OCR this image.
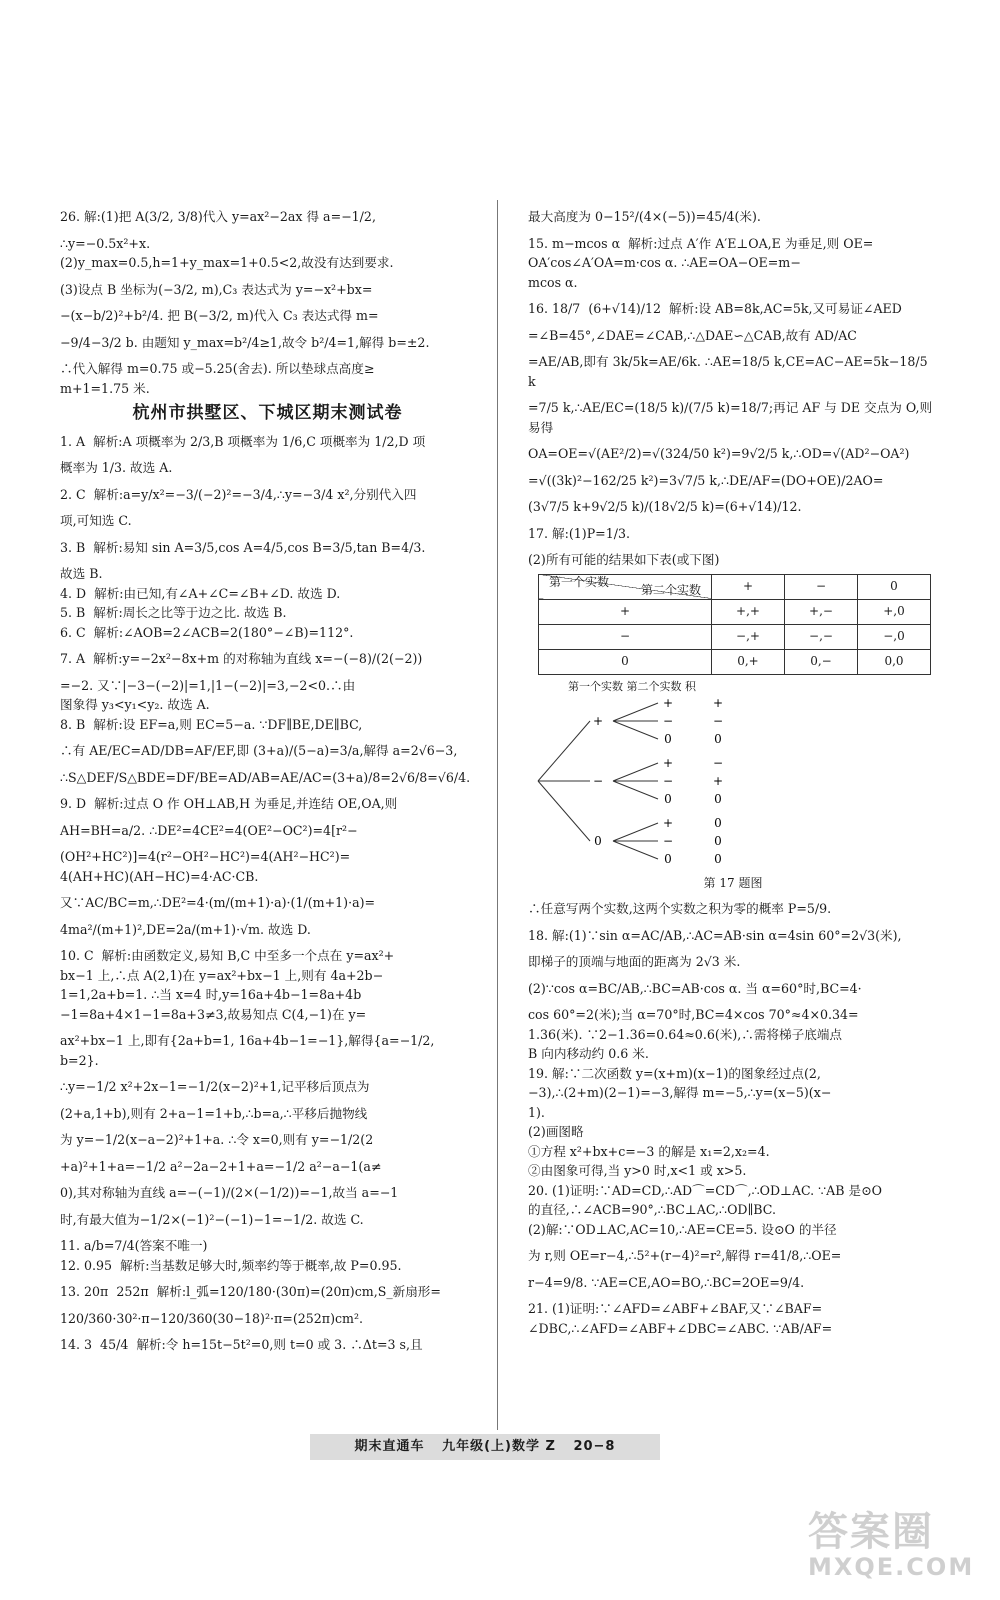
26. 解:(1)把 A(3/2, 3/8)代入 y=ax²−2ax 得 a=−1/2,

∴y=−0.5x²+x.

(2)y_max=0.5,h=1+y_max=1+0.5<2,故没有达到要求.

(3)设点 B 坐标为(−3/2, m),C₃ 表达式为 y=−x²+bx=

−(x−b/2)²+b²/4. 把 B(−3/2, m)代入 C₃ 表达式得 m=

−9/4−3/2 b. 由题知 y_max=b²/4≥1,故令 b²/4=1,解得 b=±2.

∴代入解得 m=0.75 或−5.25(舍去). 所以垫球点高度≥

m+1=1.75 米.

杭州市拱墅区、下城区期末测试卷

1. A  解析:A 项概率为 2/3,B 项概率为 1/6,C 项概率为 1/2,D 项

概率为 1/3. 故选 A.

2. C  解析:a=y/x²=−3/(−2)²=−3/4,∴y=−3/4 x²,分别代入四

项,可知选 C.

3. B  解析:易知 sin A=3/5,cos A=4/5,cos B=3/5,tan B=4/3.

故选 B.

4. D  解析:由已知,有∠A+∠C=∠B+∠D. 故选 D.

5. B  解析:周长之比等于边之比. 故选 B.

6. C  解析:∠AOB=2∠ACB=2(180°−∠B)=112°.

7. A  解析:y=−2x²−8x+m 的对称轴为直线 x=−(−8)/(2(−2))

=−2. 又∵|−3−(−2)|=1,|1−(−2)|=3,−2<0.∴由

图象得 y₃<y₁<y₂. 故选 A.

8. B  解析:设 EF=a,则 EC=5−a. ∵DF∥BE,DE∥BC,

∴有 AE/EC=AD/DB=AF/EF,即 (3+a)/(5−a)=3/a,解得 a=2√6−3,

∴S△DEF/S△BDE=DF/BE=AD/AB=AE/AC=(3+a)/8=2√6/8=√6/4.

9. D  解析:过点 O 作 OH⊥AB,H 为垂足,并连结 OE,OA,则

AH=BH=a/2. ∴DE²=4CE²=4(OE²−OC²)=4[r²−

(OH²+HC²)]=4(r²−OH²−HC²)=4(AH²−HC²)=

4(AH+HC)(AH−HC)=4·AC·CB.

又∵AC/BC=m,∴DE²=4·(m/(m+1)·a)·(1/(m+1)·a)=

4ma²/(m+1)²,DE=2a/(m+1)·√m. 故选 D.

10. C  解析:由函数定义,易知 B,C 中至多一个点在 y=ax²+

bx−1 上,∴点 A(2,1)在 y=ax²+bx−1 上,则有 4a+2b−

1=1,2a+b=1. ∴当 x=4 时,y=16a+4b−1=8a+4b

−1=8a+4×1−1=8a+3≠3,故易知点 C(4,−1)在 y=

ax²+bx−1 上,即有{2a+b=1, 16a+4b−1=−1},解得{a=−1/2, b=2}.

∴y=−1/2 x²+2x−1=−1/2(x−2)²+1,记平移后顶点为

(2+a,1+b),则有 2+a−1=1+b,∴b=a,∴平移后抛物线

为 y=−1/2(x−a−2)²+1+a. ∴令 x=0,则有 y=−1/2(2

+a)²+1+a=−1/2 a²−2a−2+1+a=−1/2 a²−a−1(a≠

0),其对称轴为直线 a=−(−1)/(2×(−1/2))=−1,故当 a=−1

时,有最大值为−1/2×(−1)²−(−1)−1=−1/2. 故选 C.

11. a/b=7/4(答案不唯一)

12. 0.95  解析:当基数足够大时,频率约等于概率,故 P=0.95.

13. 20π  252π  解析:l_弧=120/180·(30π)=(20π)cm,S_新扇形=

120/360·30²·π−120/360(30−18)²·π=(252π)cm².

14. 3  45/4  解析:令 h=15t−5t²=0,则 t=0 或 3. ∴Δt=3 s,且

最大高度为 0−15²/(4×(−5))=45/4(米).

15. m−mcos α  解析:过点 A′作 A′E⊥OA,E 为垂足,则 OE=

OA′cos∠A′OA=m·cos α. ∴AE=OA−OE=m−

mcos α.

16. 18/7  (6+√14)/12  解析:设 AB=8k,AC=5k,又可易证∠AED

=∠B=45°,∠DAE=∠CAB,∴△DAE∽△CAB,故有 AD/AC

=AE/AB,即有 3k/5k=AE/6k. ∴AE=18/5 k,CE=AC−AE=5k−18/5 k

=7/5 k,∴AE/EC=(18/5 k)/(7/5 k)=18/7;再记 AF 与 DE 交点为 O,则易得

OA=OE=√(AE²/2)=√(324/50 k²)=9√2/5 k,∴OD=√(AD²−OA²)

=√((3k)²−162/25 k²)=3√7/5 k,∴DE/AF=(DO+OE)/2AO=

(3√7/5 k+9√2/5 k)/(18√2/5 k)=(6+√14)/12.

17. 解:(1)P=1/3.

(2)所有可能的结果如下表(或下图)

第二个实数
第一个实数	+	−	0
+	+,+	+,−	+,0
−	−,+	−,−	−,0
0	0,+	0,−	0,0
第一个实数 第二个实数 积
+
+	+
−	−
0	0
−
+	−
−	+
0	0
0
+	0
−	0
0	0
第 17 题图

∴任意写两个实数,这两个实数之积为零的概率 P=5/9.

18. 解:(1)∵sin α=AC/AB,∴AC=AB·sin α=4sin 60°=2√3(米),

即梯子的顶端与地面的距离为 2√3 米.

(2)∵cos α=BC/AB,∴BC=AB·cos α. 当 α=60°时,BC=4·

cos 60°=2(米);当 α=70°时,BC=4×cos 70°≈4×0.34=

1.36(米). ∵2−1.36=0.64≈0.6(米),∴需将梯子底端点

B 向内移动约 0.6 米.

19. 解:∵二次函数 y=(x+m)(x−1)的图象经过点(2,

−3),∴(2+m)(2−1)=−3,解得 m=−5,∴y=(x−5)(x−

1).

(2)画图略

①方程 x²+bx+c=−3 的解是 x₁=2,x₂=4.

②由图象可得,当 y>0 时,x<1 或 x>5.

20. (1)证明:∵AD=CD,∴AD⌒=CD⌒,∴OD⊥AC. ∵AB 是⊙O

的直径,∴∠ACB=90°,∴BC⊥AC,∴OD∥BC.

(2)解:∵OD⊥AC,AC=10,∴AE=CE=5. 设⊙O 的半径

为 r,则 OE=r−4,∴5²+(r−4)²=r²,解得 r=41/8,∴OE=

r−4=9/8. ∵AE=CE,AO=BO,∴BC=2OE=9/4.

21. (1)证明:∵∠AFD=∠ABF+∠BAF,又∵∠BAF=

∠DBC,∴∠AFD=∠ABF+∠DBC=∠ABC. ∵AB/AF=

期末直通车 九年级(上)数学 Z 20−8
答案圈
MXQE.COM
